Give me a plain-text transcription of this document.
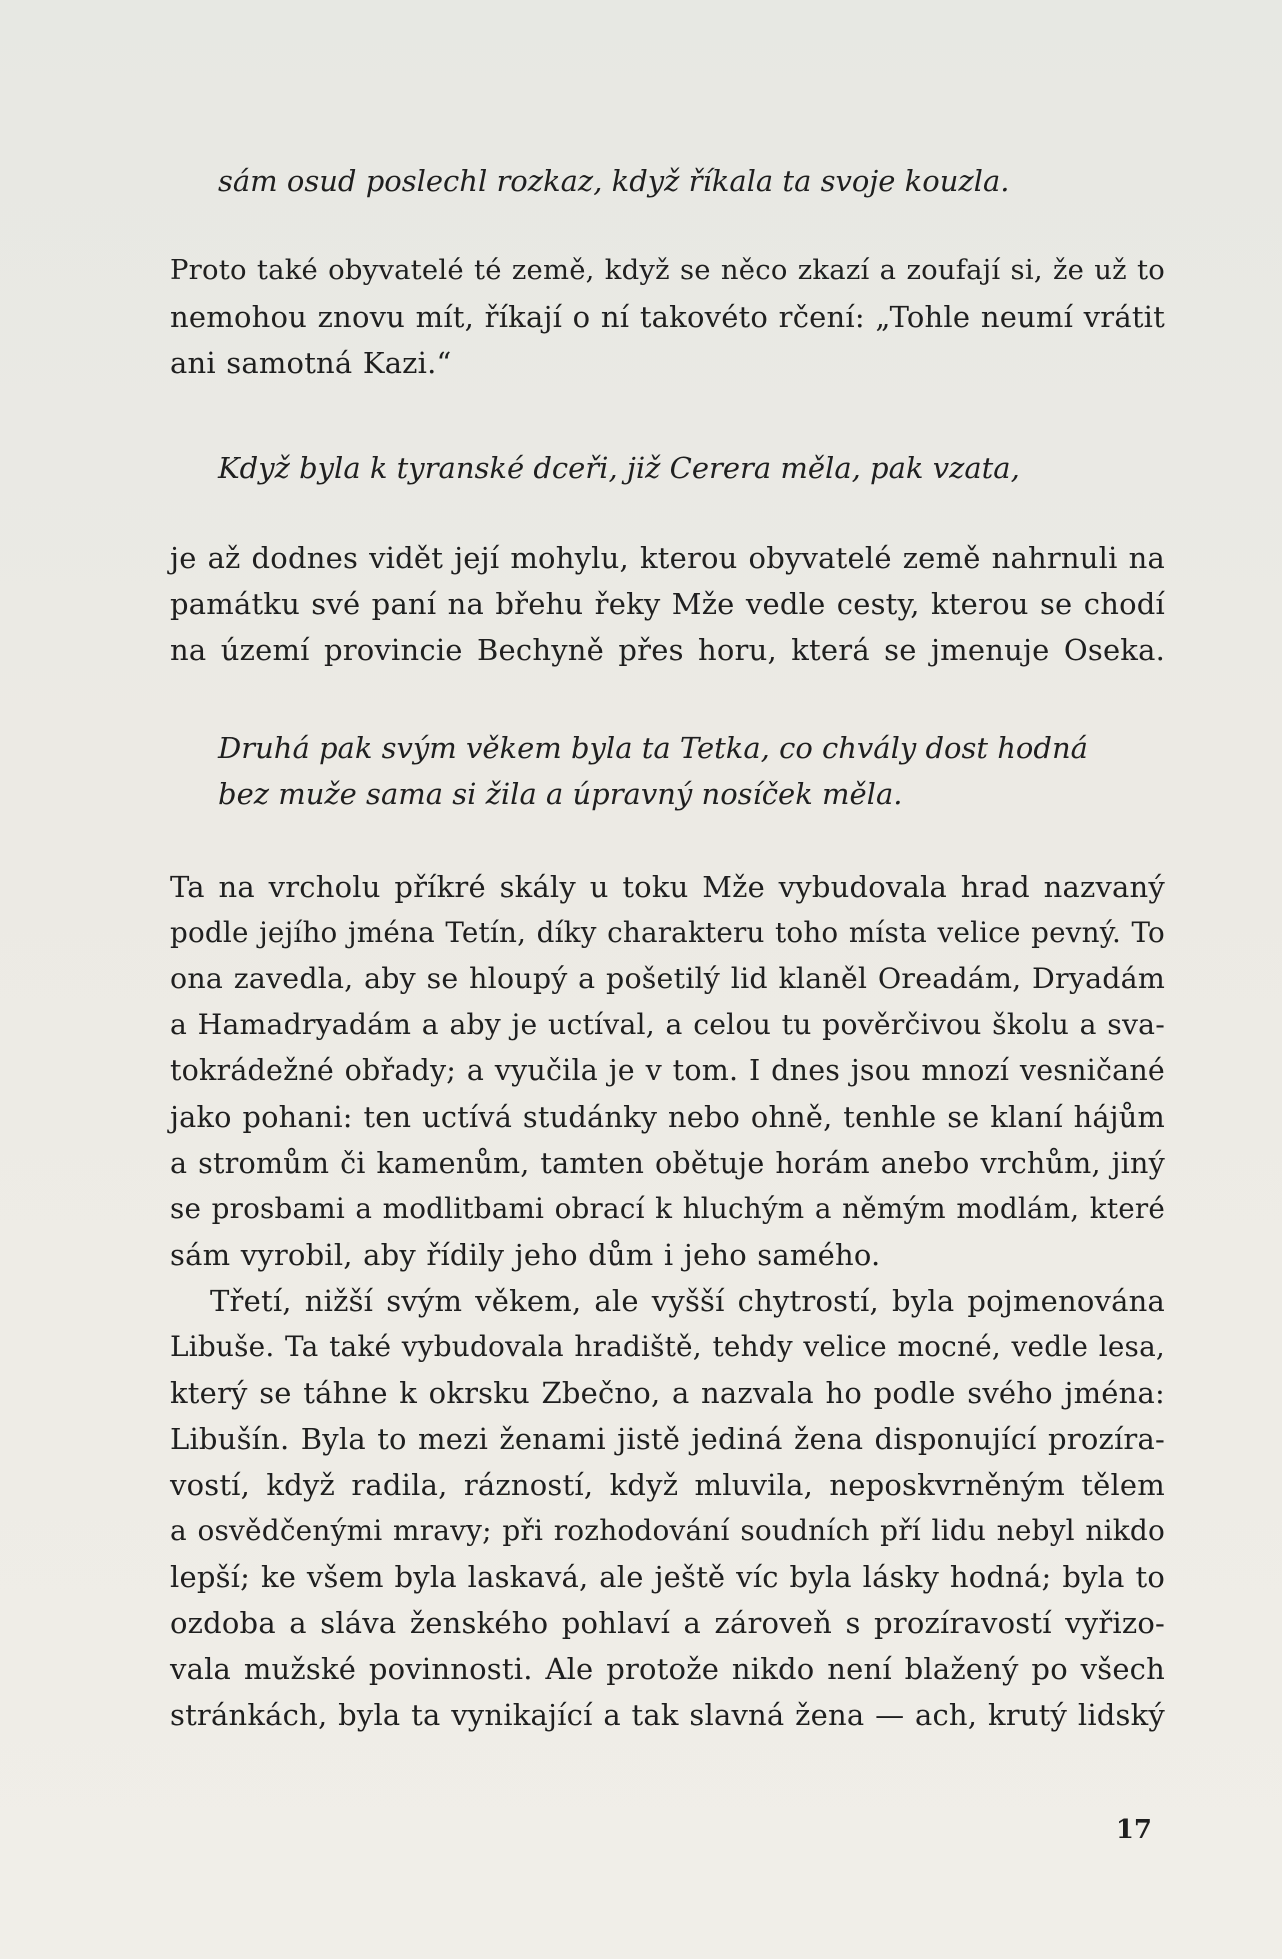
sám osud poslechl rozkaz, když říkala ta svoje kouzla.
Proto také obyvatelé té země, když se něco zkazí a zoufají si, že už to
nemohou znovu mít, říkají o ní takovéto rčení: „Tohle neumí vrátit
ani samotná Kazi.“
Když byla k tyranské dceři, již Cerera měla, pak vzata,
je až dodnes vidět její mohylu, kterou obyvatelé země nahrnuli na
památku své paní na břehu řeky Mže vedle cesty, kterou se chodí
na území provincie Bechyně přes horu, která se jmenuje Oseka.
Druhá pak svým věkem byla ta Tetka, co chvály dost hodná
bez muže sama si žila a úpravný nosíček měla.
Ta na vrcholu příkré skály u toku Mže vybudovala hrad nazvaný
podle jejího jména Tetín, díky charakteru toho místa velice pevný. To
ona zavedla, aby se hloupý a pošetilý lid klaněl Oreadám, Dryadám
a Hamadryadám a aby je uctíval, a celou tu pověrčivou školu a sva-
tokrádežné obřady; a vyučila je v tom. I dnes jsou mnozí vesničané
jako pohani: ten uctívá studánky nebo ohně, tenhle se klaní hájům
a stromům či kamenům, tamten obětuje horám anebo vrchům, jiný
se prosbami a modlitbami obrací k hluchým a němým modlám, které
sám vyrobil, aby řídily jeho dům i jeho samého.
Třetí, nižší svým věkem, ale vyšší chytrostí, byla pojmenována
Libuše. Ta také vybudovala hradiště, tehdy velice mocné, vedle lesa,
který se táhne k okrsku Zbečno, a nazvala ho podle svého jména:
Libušín. Byla to mezi ženami jistě jediná žena disponující prozíra-
vostí, když radila, rázností, když mluvila, neposkvrněným tělem
a osvědčenými mravy; při rozhodování soudních pří lidu nebyl nikdo
lepší; ke všem byla laskavá, ale ještě víc byla lásky hodná; byla to
ozdoba a sláva ženského pohlaví a zároveň s prozíravostí vyřizo-
vala mužské povinnosti. Ale protože nikdo není blažený po všech
stránkách, byla ta vynikající a tak slavná žena — ach, krutý lidský
17
